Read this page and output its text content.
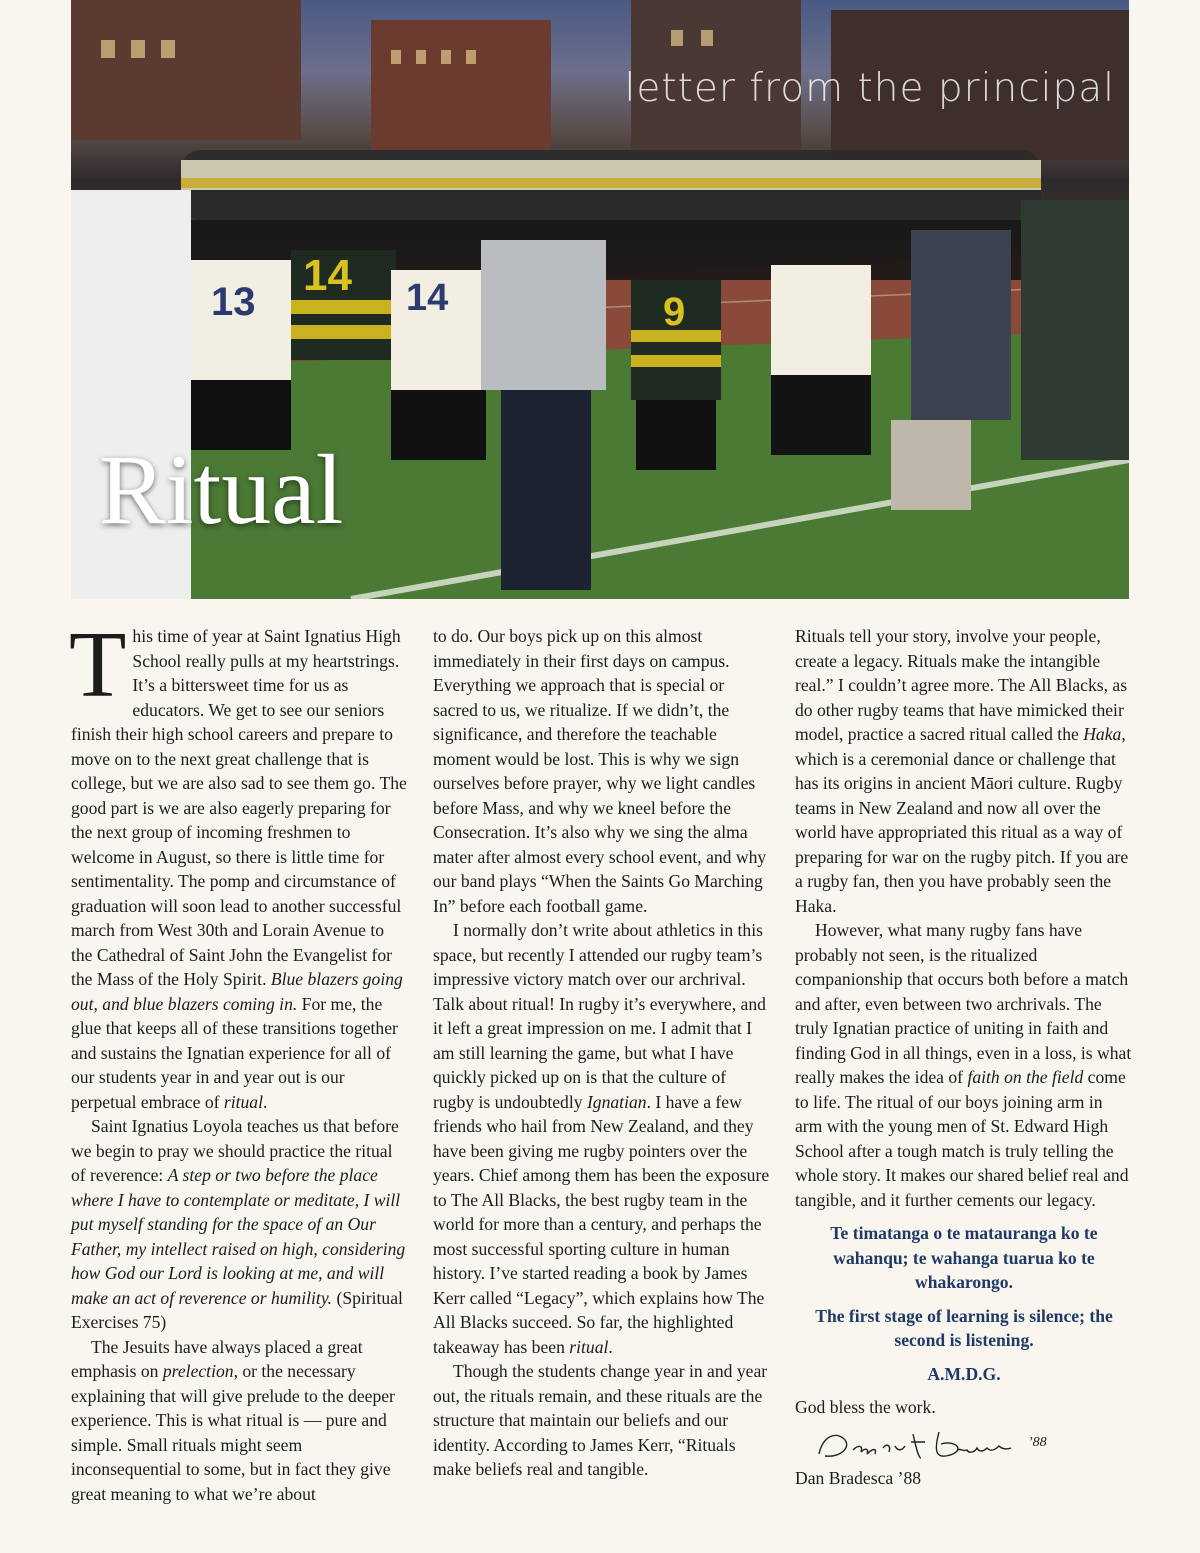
13
14 14	9
letter from the principal
Ritual

This time of year at Saint Ignatius High School really pulls at my heartstrings. It’s a bittersweet time for us as educators. We get to see our seniors finish their high school careers and prepare to move on to the next great challenge that is college, but we are also sad to see them go. The good part is we are also eagerly preparing for the next group of incoming freshmen to welcome in August, so there is little time for sentimentality. The pomp and circumstance of graduation will soon lead to another successful march from West 30th and Lorain Avenue to the Cathedral of Saint John the Evangelist for the Mass of the Holy Spirit. Blue blazers going out, and blue blazers coming in. For me, the glue that keeps all of these transitions together and sustains the Ignatian experience for all of our students year in and year out is our perpetual embrace of ritual.

Saint Ignatius Loyola teaches us that before we begin to pray we should practice the ritual of reverence: A step or two before the place where I have to contemplate or meditate, I will put myself standing for the space of an Our Father, my intellect raised on high, considering how God our Lord is looking at me, and will make an act of reverence or humility. (Spiritual Exercises 75)

The Jesuits have always placed a great emphasis on prelection, or the necessary explaining that will give prelude to the deeper experience. This is what ritual is — pure and simple. Small rituals might seem inconsequential to some, but in fact they give great meaning to what we’re about

to do. Our boys pick up on this almost immediately in their first days on campus. Everything we approach that is special or sacred to us, we ritualize. If we didn’t, the significance, and therefore the teachable moment would be lost. This is why we sign ourselves before prayer, why we light candles before Mass, and why we kneel before the Consecration. It’s also why we sing the alma mater after almost every school event, and why our band plays “When the Saints Go Marching In” before each football game.

I normally don’t write about athletics in this space, but recently I attended our rugby team’s impressive victory match over our archrival. Talk about ritual! In rugby it’s everywhere, and it left a great impression on me. I admit that I am still learning the game, but what I have quickly picked up on is that the culture of rugby is undoubtedly Ignatian. I have a few friends who hail from New Zealand, and they have been giving me rugby pointers over the years. Chief among them has been the exposure to The All Blacks, the best rugby team in the world for more than a century, and perhaps the most successful sporting culture in human history. I’ve started reading a book by James Kerr called “Legacy”, which explains how The All Blacks succeed. So far, the highlighted takeaway has been ritual.

Though the students change year in and year out, the rituals remain, and these rituals are the structure that maintain our beliefs and our identity. According to James Kerr, “Rituals make beliefs real and tangible.

Rituals tell your story, involve your people, create a legacy. Rituals make the intangible real.” I couldn’t agree more. The All Blacks, as do other rugby teams that have mimicked their model, practice a sacred ritual called the Haka, which is a ceremonial dance or challenge that has its origins in ancient Māori culture. Rugby teams in New Zealand and now all over the world have appropriated this ritual as a way of preparing for war on the rugby pitch. If you are a rugby fan, then you have probably seen the Haka.

However, what many rugby fans have probably not seen, is the ritualized companionship that occurs both before a match and after, even between two archrivals. The truly Ignatian practice of uniting in faith and finding God in all things, even in a loss, is what really makes the idea of faith on the field come to life. The ritual of our boys joining arm in arm with the young men of St. Edward High School after a tough match is truly telling the whole story. It makes our shared belief real and tangible, and it further cements our legacy.

Te timatanga o te matauranga ko te wahanqu; te wahanga tuarua ko te whakarongo.

The first stage of learning is silence; the second is listening.

A.M.D.G.

God bless the work.

’88

Dan Bradesca ’88
